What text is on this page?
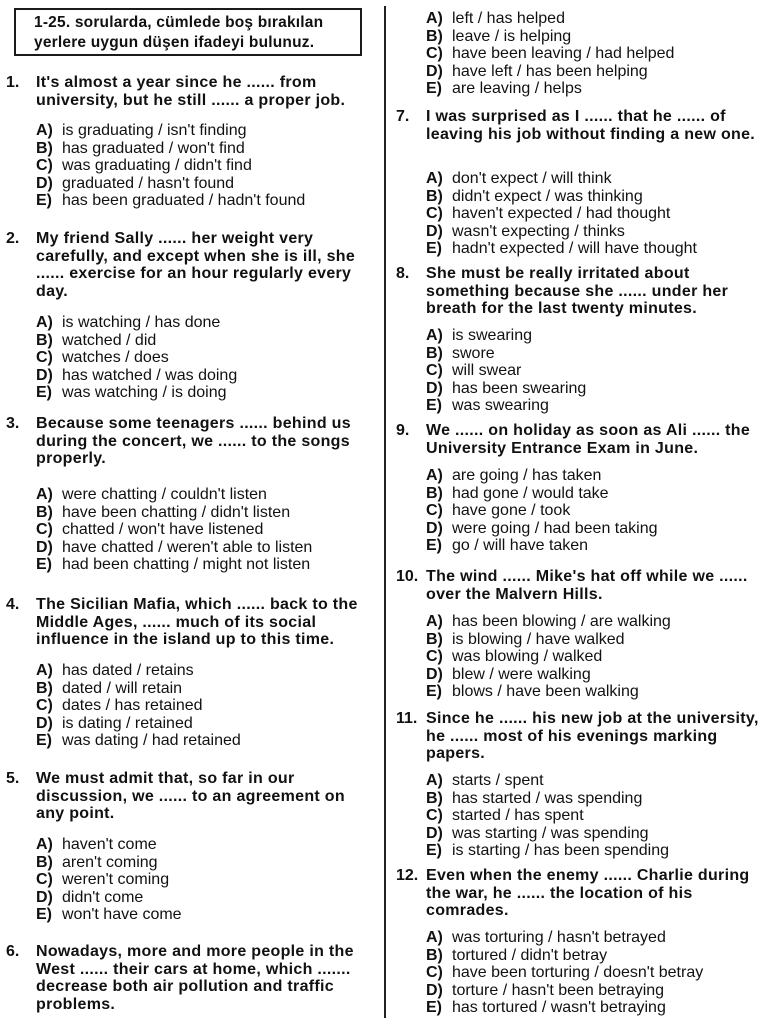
1-25. sorularda, cümlede boş bırakılan yerlere uygun düşen ifadeyi bulunuz.
1. It's almost a year since he ...... from university, but he still ...... a proper job.
A) is graduating / isn't finding
B) has graduated / won't find
C) was graduating / didn't find
D) graduated / hasn't found
E) has been graduated / hadn't found
2. My friend Sally ...... her weight very carefully, and except when she is ill, she ...... exercise for an hour regularly every day.
A) is watching / has done
B) watched / did
C) watches / does
D) has watched / was doing
E) was watching / is doing
3. Because some teenagers ...... behind us during the concert, we ...... to the songs properly.
A) were chatting / couldn't listen
B) have been chatting / didn't listen
C) chatted / won't have listened
D) have chatted / weren't able to listen
E) had been chatting / might not listen
4. The Sicilian Mafia, which ...... back to the Middle Ages, ...... much of its social influence in the island up to this time.
A) has dated / retains
B) dated / will retain
C) dates / has retained
D) is dating / retained
E) was dating / had retained
5. We must admit that, so far in our discussion, we ...... to an agreement on any point.
A) haven't come
B) aren't coming
C) weren't coming
D) didn't come
E) won't have come
6. Nowadays, more and more people in the West ...... their cars at home, which ....... decrease both air pollution and traffic problems.
A) left / has helped
B) leave / is helping
C) have been leaving / had helped
D) have left / has been helping
E) are leaving / helps
7. I was surprised as I ...... that he ...... of leaving his job without finding a new one.
A) don't expect / will think
B) didn't expect / was thinking
C) haven't expected / had thought
D) wasn't expecting / thinks
E) hadn't expected / will have thought
8. She must be really irritated about something because she ...... under her breath for the last twenty minutes.
A) is swearing
B) swore
C) will swear
D) has been swearing
E) was swearing
9. We ...... on holiday as soon as Ali ...... the University Entrance Exam in June.
A) are going / has taken
B) had gone / would take
C) have gone / took
D) were going / had been taking
E) go / will have taken
10. The wind ...... Mike's hat off while we ...... over the Malvern Hills.
A) has been blowing / are walking
B) is blowing / have walked
C) was blowing / walked
D) blew / were walking
E) blows / have been walking
11. Since he ...... his new job at the university, he ...... most of his evenings marking papers.
A) starts / spent
B) has started / was spending
C) started / has spent
D) was starting / was spending
E) is starting / has been spending
12. Even when the enemy ...... Charlie during the war, he ...... the location of his comrades.
A) was torturing / hasn't betrayed
B) tortured / didn't betray
C) have been torturing / doesn't betray
D) torture / hasn't been betraying
E) has tortured / wasn't betraying
